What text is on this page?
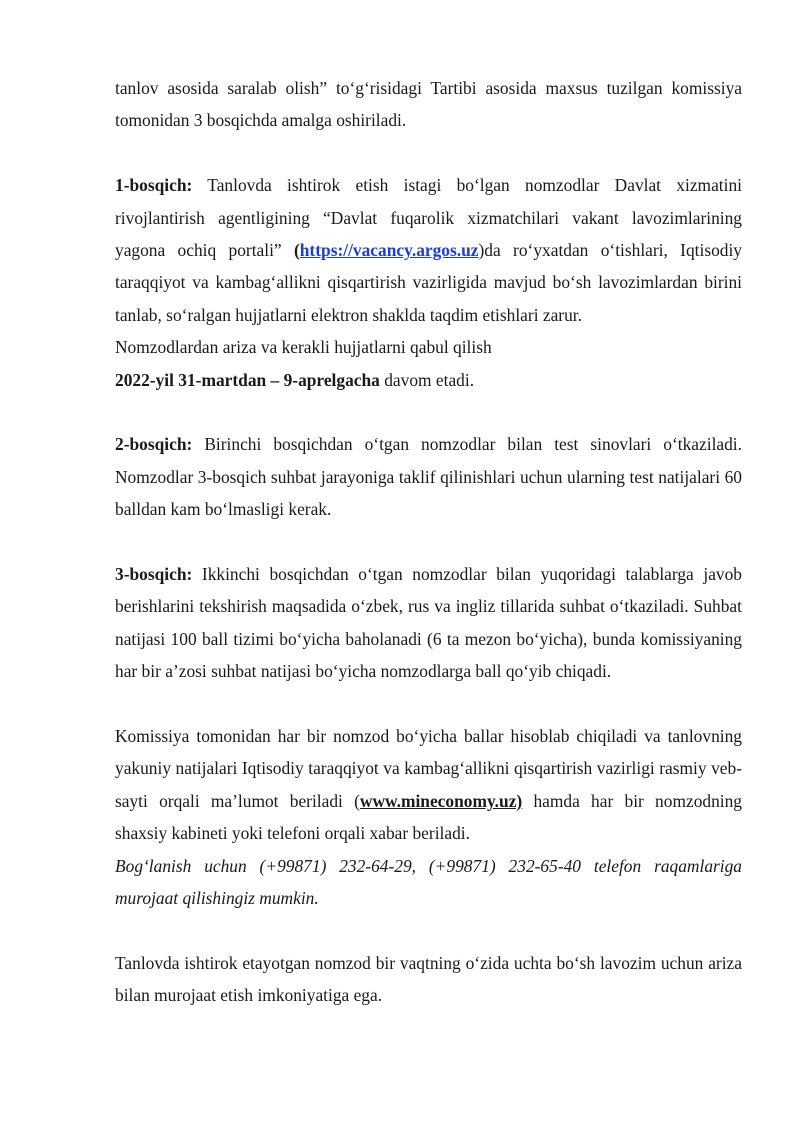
tanlov asosida saralab olish” to‘g‘risidagi Tartibi asosida maxsus tuzilgan komissiya tomonidan 3 bosqichda amalga oshiriladi.

1-bosqich: Tanlovda ishtirok etish istagi bo‘lgan nomzodlar Davlat xizmatini rivojlantirish agentligining “Davlat fuqarolik xizmatchilari vakant lavozimlarining yagona ochiq portali” (https://vacancy.argos.uz)da ro‘yxatdan o‘tishlari, Iqtisodiy taraqqiyot va kambag‘allikni qisqartirish vazirligida mavjud bo‘sh lavozimlardan birini tanlab, so‘ralgan hujjatlarni elektron shaklda taqdim etishlari zarur.

Nomzodlardan ariza va kerakli hujjatlarni qabul qilish

2022-yil 31-martdan – 9-aprelgacha davom etadi.

2-bosqich: Birinchi bosqichdan o‘tgan nomzodlar bilan test sinovlari o‘tkaziladi. Nomzodlar 3-bosqich suhbat jarayoniga taklif qilinishlari uchun ularning test natijalari 60 balldan kam bo‘lmasligi kerak.

3-bosqich: Ikkinchi bosqichdan o‘tgan nomzodlar bilan yuqoridagi talablarga javob berishlarini tekshirish maqsadida o‘zbek, rus va ingliz tillarida suhbat o‘tkaziladi. Suhbat natijasi 100 ball tizimi bo‘yicha baholanadi (6 ta mezon bo‘yicha), bunda komissiyaning har bir a’zosi suhbat natijasi bo‘yicha nomzodlarga ball qo‘yib chiqadi.

Komissiya tomonidan har bir nomzod bo‘yicha ballar hisoblab chiqiladi va tanlovning yakuniy natijalari Iqtisodiy taraqqiyot va kambag‘allikni qisqartirish vazirligi rasmiy veb-sayti orqali ma’lumot beriladi (www.mineconomy.uz) hamda har bir nomzodning shaxsiy kabineti yoki telefoni orqali xabar beriladi.

Bog‘lanish uchun (+99871) 232-64-29, (+99871) 232-65-40 telefon raqamlariga murojaat qilishingiz mumkin.

Tanlovda ishtirok etayotgan nomzod bir vaqtning o‘zida uchta bo‘sh lavozim uchun ariza bilan murojaat etish imkoniyatiga ega.
